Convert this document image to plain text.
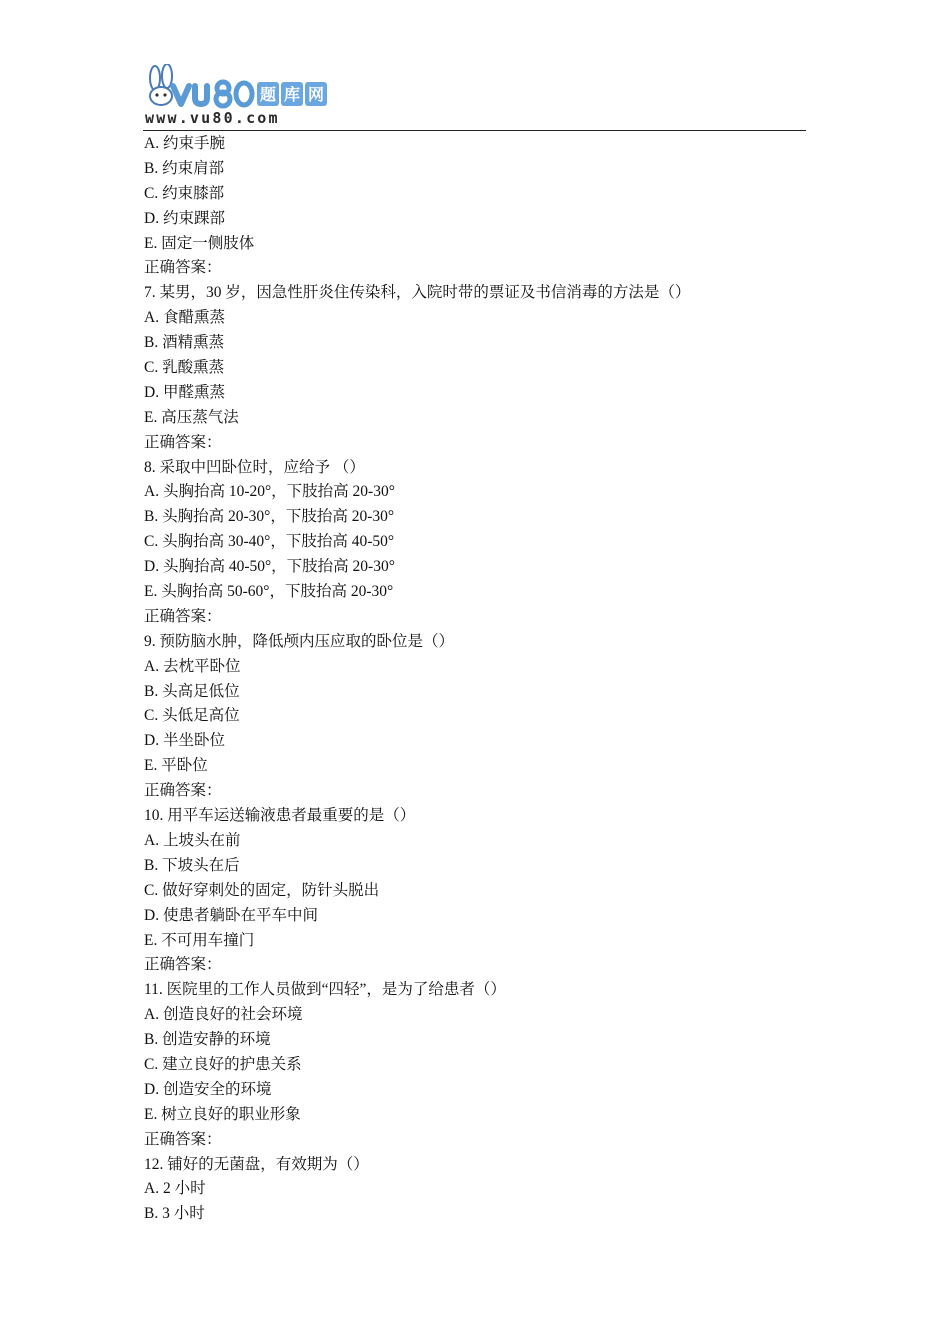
题 库 网
www.vu80.com
A. 约束手腕
B. 约束肩部
C. 约束膝部
D. 约束踝部
E. 固定一侧肢体
正确答案：
7. 某男，30 岁，因急性肝炎住传染科，入院时带的票证及书信消毒的方法是（）
A. 食醋熏蒸
B. 酒精熏蒸
C. 乳酸熏蒸
D. 甲醛熏蒸
E. 高压蒸气法
正确答案：
8. 采取中凹卧位时，应给予 （）
A. 头胸抬高 10-20°，下肢抬高 20-30°
B. 头胸抬高 20-30°，下肢抬高 20-30°
C. 头胸抬高 30-40°，下肢抬高 40-50°
D. 头胸抬高 40-50°，下肢抬高 20-30°
E. 头胸抬高 50-60°，下肢抬高 20-30°
正确答案：
9. 预防脑水肿，降低颅内压应取的卧位是（）
A. 去枕平卧位
B. 头高足低位
C. 头低足高位
D. 半坐卧位
E. 平卧位
正确答案：
10. 用平车运送输液患者最重要的是（）
A. 上坡头在前
B. 下坡头在后
C. 做好穿刺处的固定，防针头脱出
D. 使患者躺卧在平车中间
E. 不可用车撞门
正确答案：
11. 医院里的工作人员做到“四轻”，是为了给患者（）
A. 创造良好的社会环境
B. 创造安静的环境
C. 建立良好的护患关系
D. 创造安全的环境
E. 树立良好的职业形象
正确答案：
12. 铺好的无菌盘，有效期为（）
A. 2 小时
B. 3 小时
